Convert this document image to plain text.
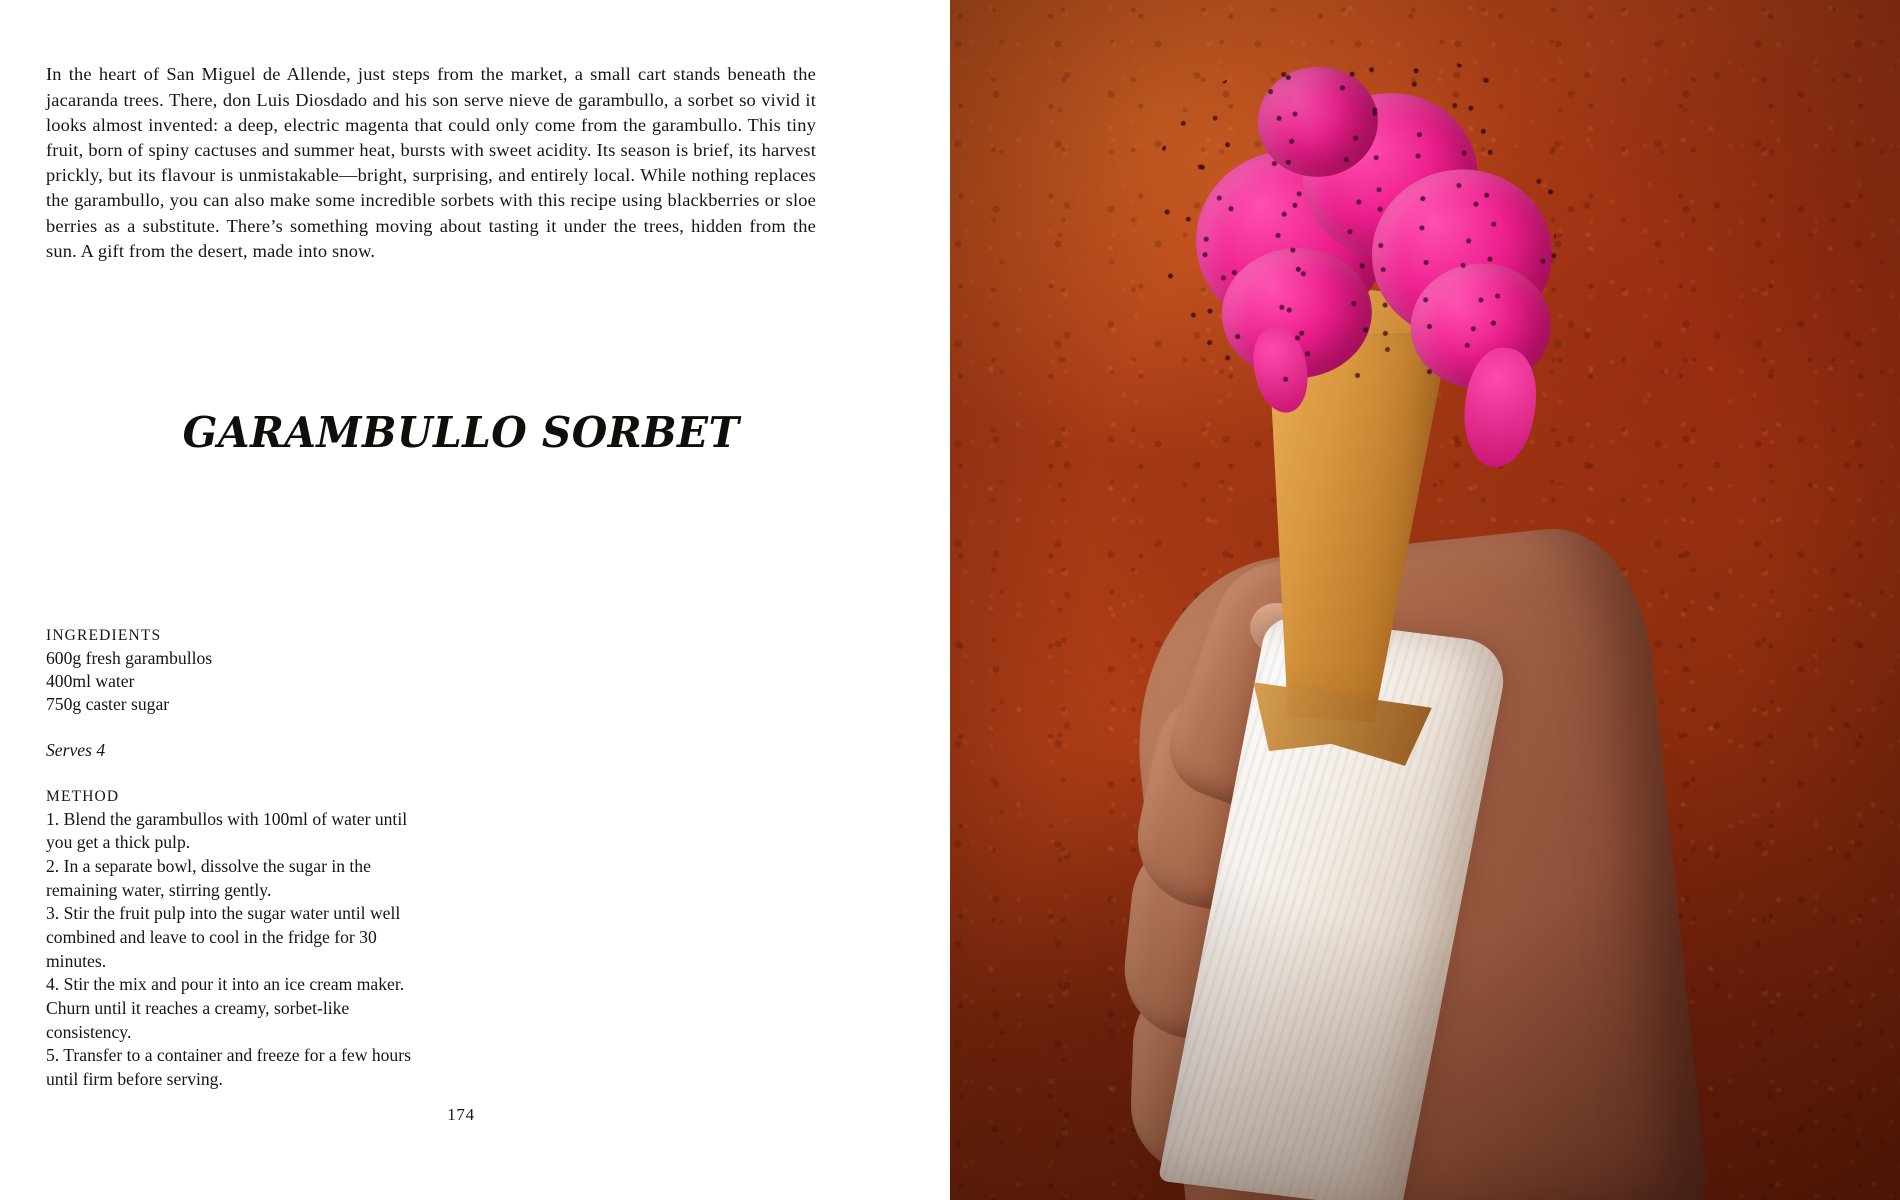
In the heart of San Miguel de Allende, just steps from the market, a small cart stands beneath the jacaranda trees. There, don Luis Diosdado and his son serve nieve de garambullo, a sorbet so vivid it looks almost invented: a deep, electric magenta that could only come from the garambullo. This tiny fruit, born of spiny cactuses and summer heat, bursts with sweet acidity. Its season is brief, its harvest prickly, but its flavour is unmistakable—bright, surprising, and entirely local. While nothing replaces the garambullo, you can also make some incredible sorbets with this recipe using blackberries or sloe berries as a substitute. There’s something moving about tasting it under the trees, hidden from the sun. A gift from the desert, made into snow.

GARAMBULLO SORBET
INGREDIENTS
600g fresh garambullos
400ml water
750g caster sugar
Serves 4
METHOD
1. Blend the garambullos with 100ml of water until you get a thick pulp.
2. In a separate bowl, dissolve the sugar in the remaining water, stirring gently.
3. Stir the fruit pulp into the sugar water until well combined and leave to cool in the fridge for 30 minutes.
4. Stir the mix and pour it into an ice cream maker. Churn until it reaches a creamy, sorbet-like consistency.
5. Transfer to a container and freeze for a few hours until firm before serving.
174
